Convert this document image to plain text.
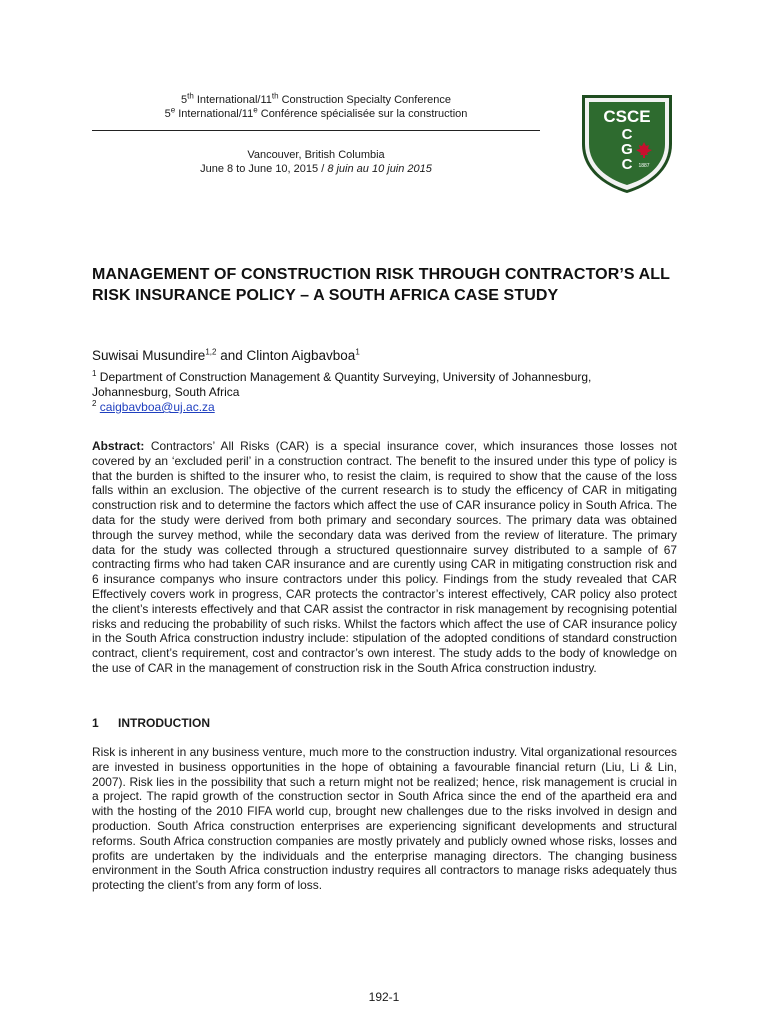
5th International/11th Construction Specialty Conference
5e International/11e Conférence spécialisée sur la construction
Vancouver, British Columbia
June 8 to June 10, 2015 / 8 juin au 10 juin 2015
CSCE
C
G
C 1887
MANAGEMENT OF CONSTRUCTION RISK THROUGH CONTRACTOR’S ALL RISK INSURANCE POLICY – A SOUTH AFRICA CASE STUDY
Suwisai Musundire$^{1,2}$ and Clinton Aigbavboa$^1$
$^1$ Department of Construction Management & Quantity Surveying, University of Johannesburg,
Johannesburg, South Africa
$^2$ caigbavboa@uj.ac.za
Abstract: Contractors’ All Risks (CAR) is a special insurance cover, which insurances those losses not covered by an ‘excluded peril’ in a construction contract. The benefit to the insured under this type of policy is that the burden is shifted to the insurer who, to resist the claim, is required to show that the cause of the loss falls within an exclusion. The objective of the current research is to study the efficency of CAR in mitigating construction risk and to determine the factors which affect the use of CAR insurance policy in South Africa. The data for the study were derived from both primary and secondary sources. The primary data was obtained through the survey method, while the secondary data was derived from the review of literature. The primary data for the study was collected through a structured questionnaire survey distributed to a sample of 67 contracting firms who had taken CAR insurance and are curently using CAR in mitigating construction risk and 6 insurance companys who insure contractors under this policy. Findings from the study revealed that CAR Effectively covers work in progress, CAR protects the contractor’s interest effectively, CAR policy also protect the client’s interests effectively and that CAR assist the contractor in risk management by recognising potential risks and reducing the probability of such risks. Whilst the factors which affect the use of CAR insurance policy in the South Africa construction industry include: stipulation of the adopted conditions of standard construction contract, client’s requirement, cost and contractor’s own interest. The study adds to the body of knowledge on the use of CAR in the management of construction risk in the South Africa construction industry.
1 INTRODUCTION
Risk is inherent in any business venture, much more to the construction industry. Vital organizational resources are invested in business opportunities in the hope of obtaining a favourable financial return (Liu, Li & Lin, 2007). Risk lies in the possibility that such a return might not be realized; hence, risk management is crucial in a project. The rapid growth of the construction sector in South Africa since the end of the apartheid era and with the hosting of the 2010 FIFA world cup, brought new challenges due to the risks involved in design and production. South Africa construction enterprises are experiencing significant developments and structural reforms. South Africa construction companies are mostly privately and publicly owned whose risks, losses and profits are undertaken by the individuals and the enterprise managing directors. The changing business environment in the South Africa construction industry requires all contractors to manage risks adequately thus protecting the client’s from any form of loss.
192-1
